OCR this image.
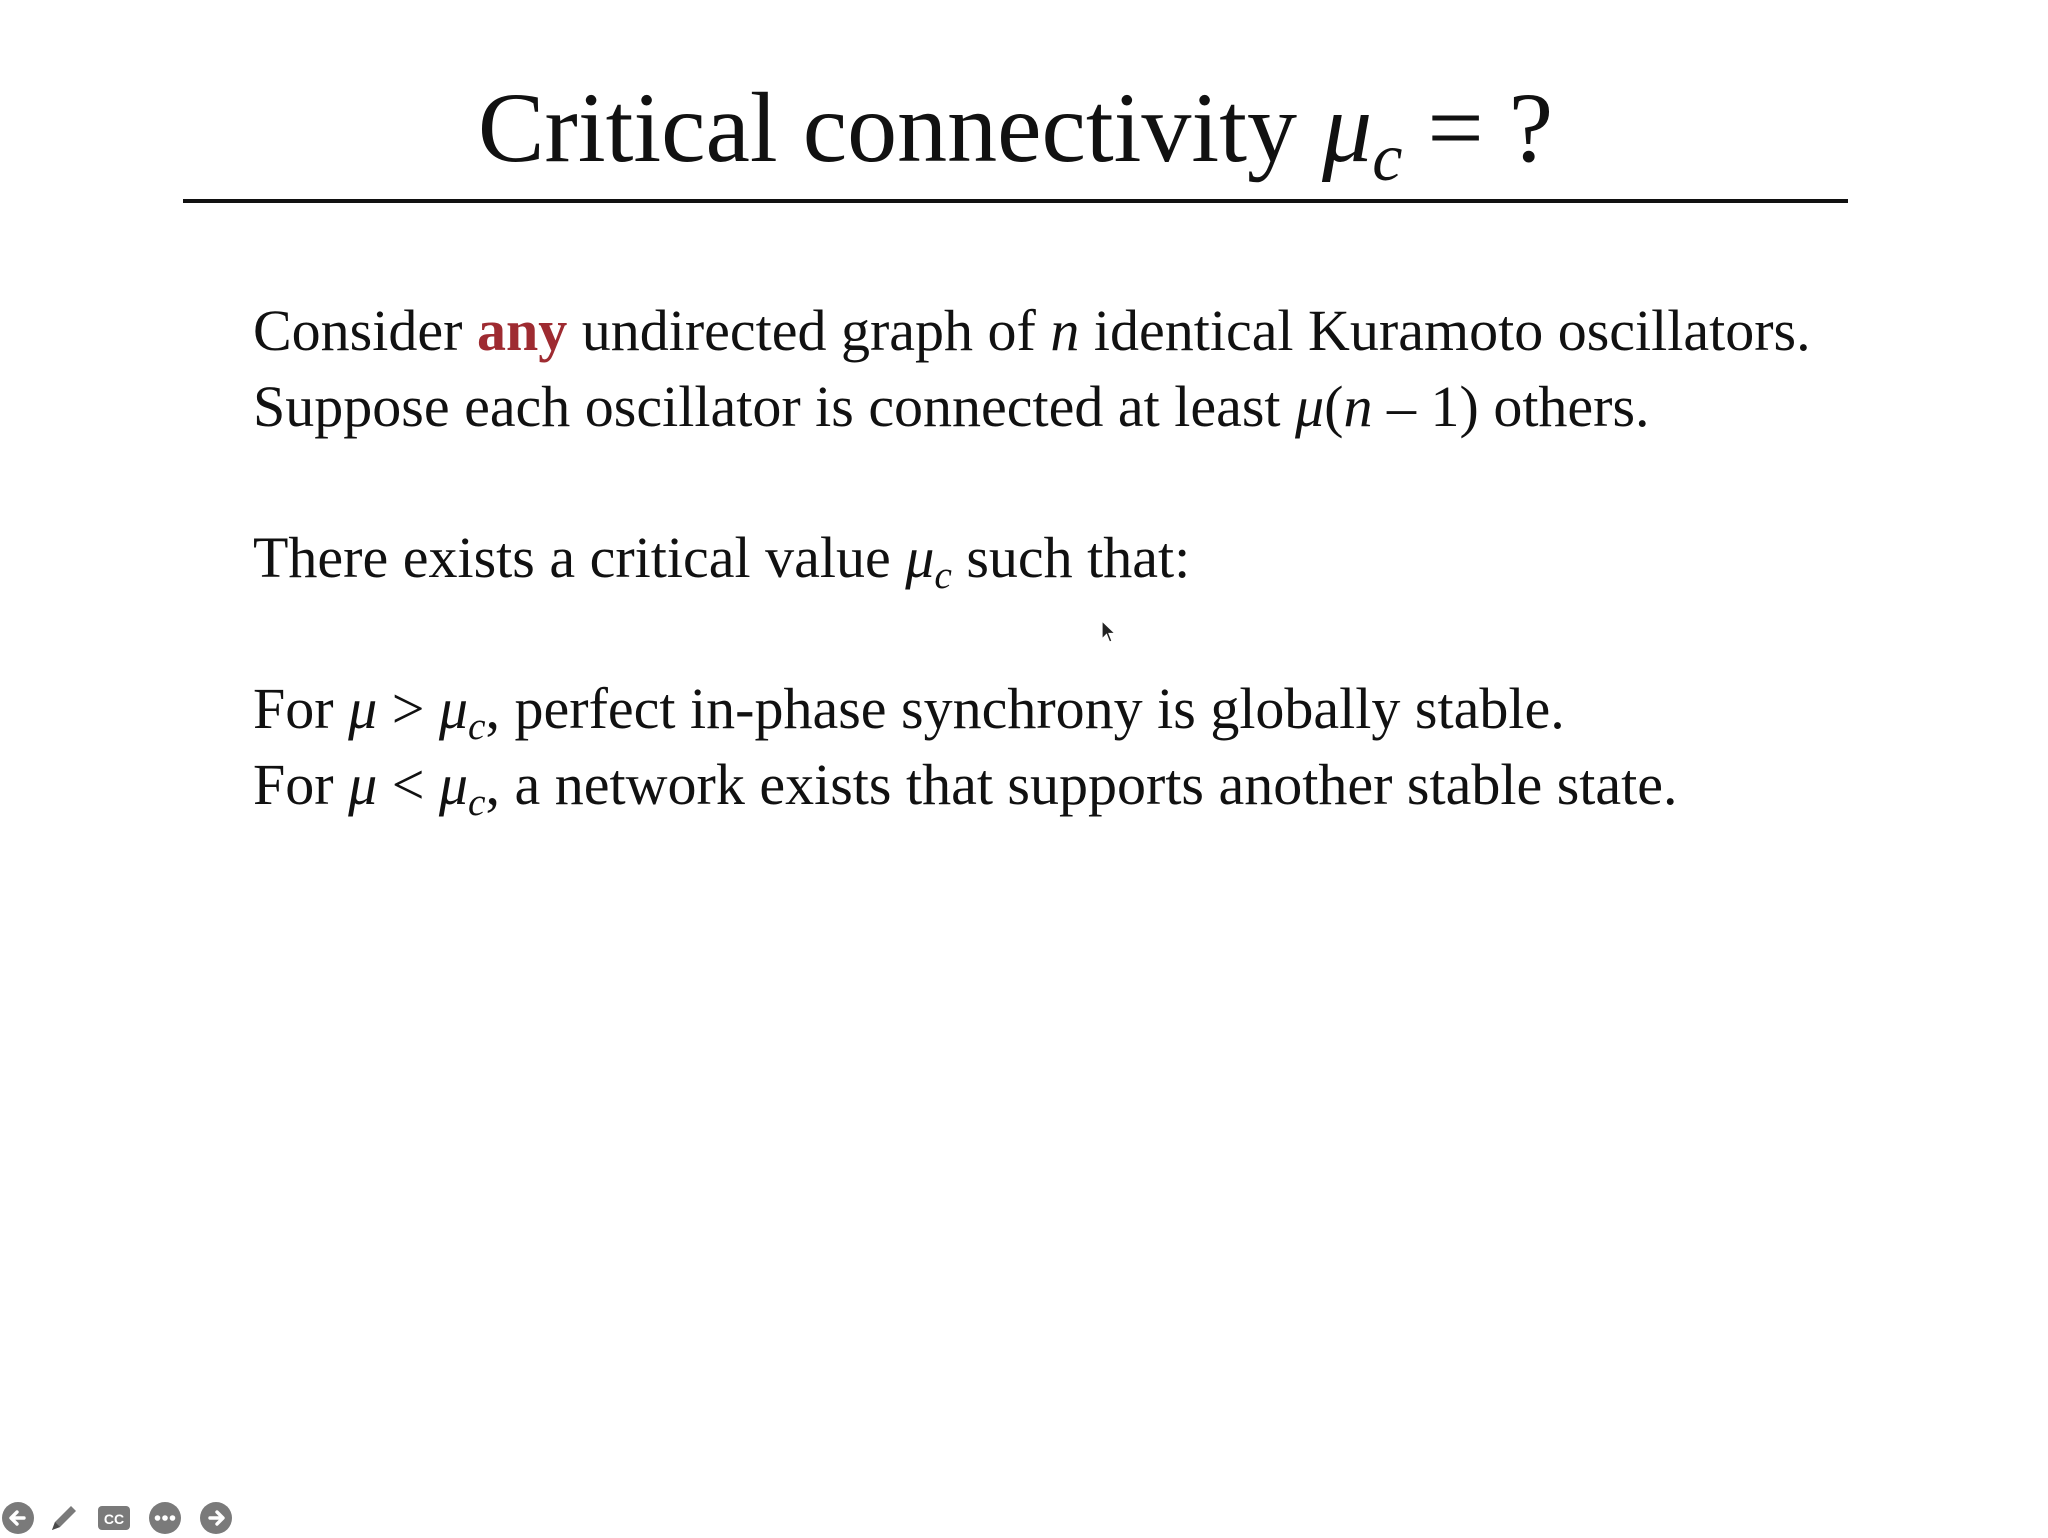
Critical connectivity $\mu_c$ = ?

Consider any undirected graph of n identical Kuramoto oscillators.

Suppose each oscillator is connected at least μ(n – 1) others.

There exists a critical value $\mu_c$ such that:

For $\mu > \mu_c$, perfect in-phase synchrony is globally stable.

For $\mu < \mu_c$, a network exists that supports another stable state.

CC
